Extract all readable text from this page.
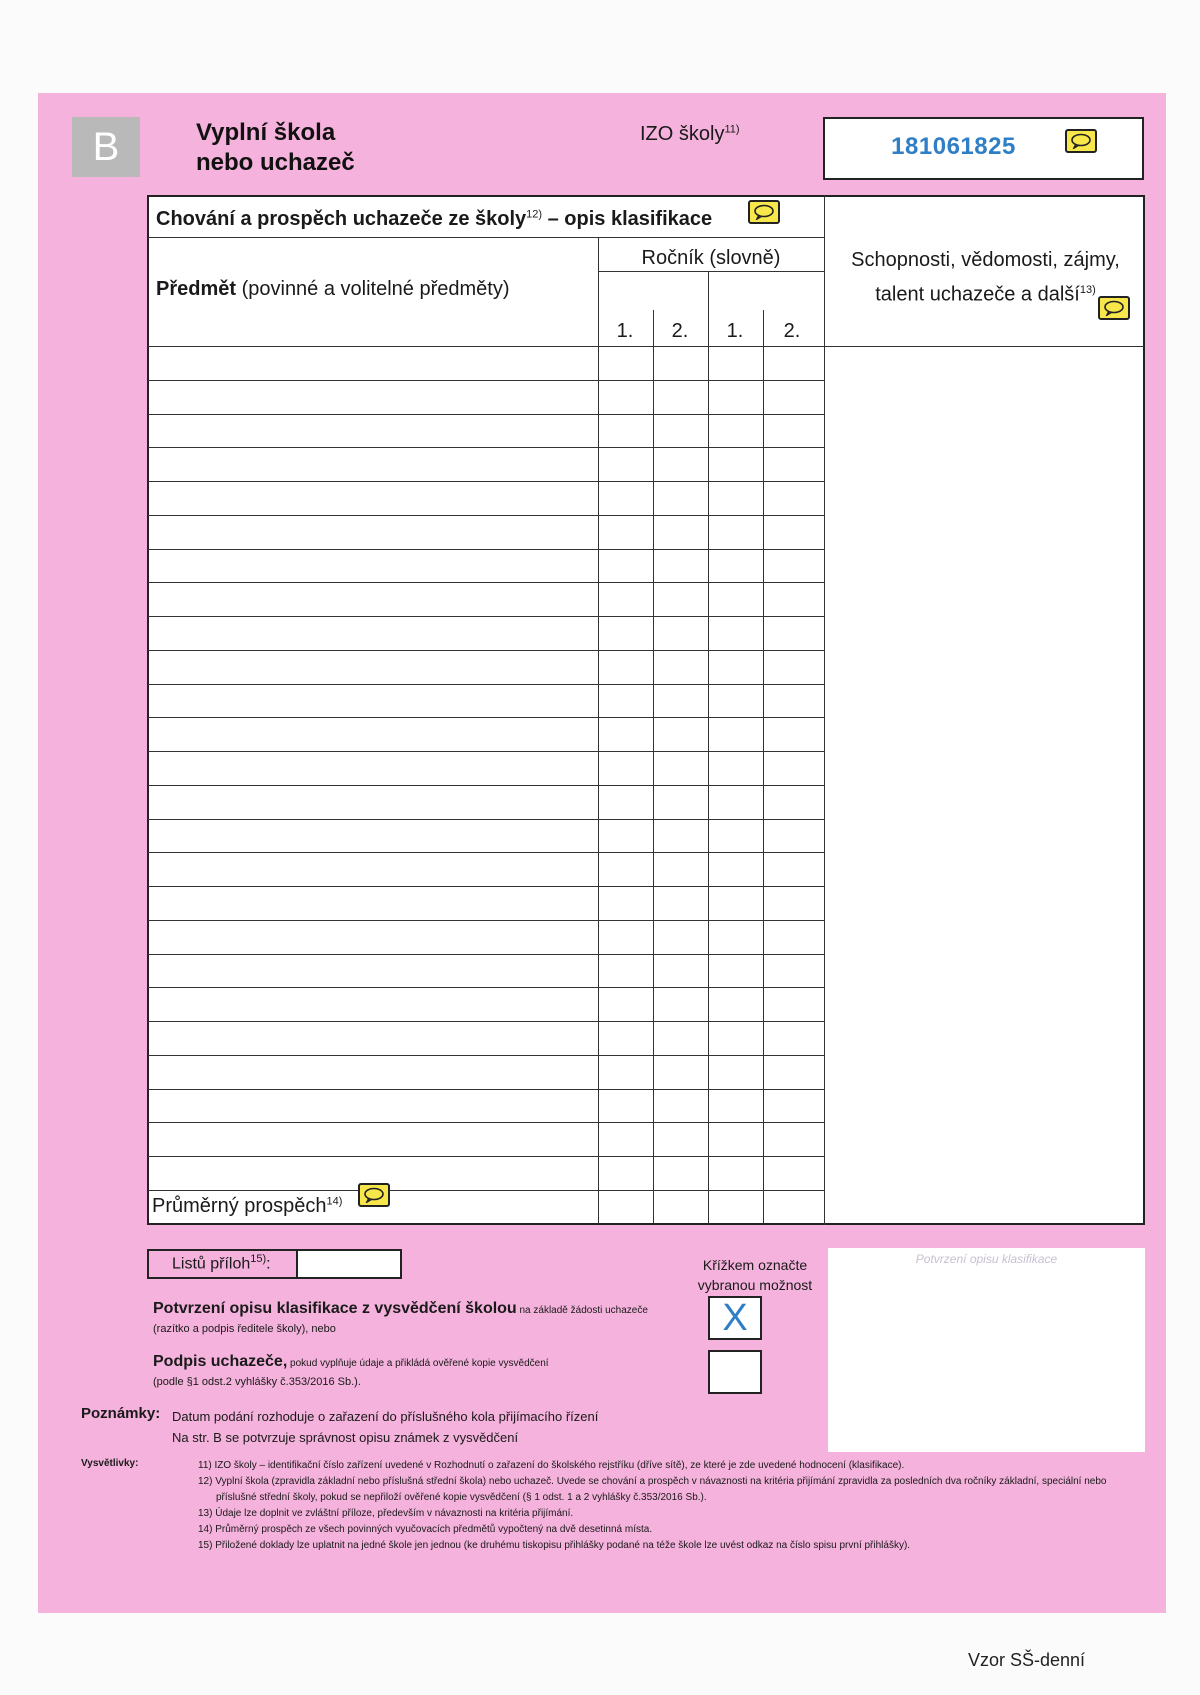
B	Vyplní škola
nebo uchazeč
IZO školy$^{11)}$
181061825
Chování a prospěch uchazeče ze školy$^{12)}$ – opis klasifikace
Předmět (povinné a volitelné předměty)
Ročník (slovně)
1.	2.	1.	2.
Schopnosti, vědomosti, zájmy,
talent uchazeče a další$^{13)}$
Průměrný prospěch$^{14)}$
Listů příloh$^{15)}$:	Křížkem označte
vybranou možnost
Potvrzení opisu klasifikace
Potvrzení opisu klasifikace z vysvědčení školou na základě žádosti uchazeče
(razítko a podpis ředitele školy), nebo	X
Podpis uchazeče, pokud vyplňuje údaje a přikládá ověřené kopie vysvědčení
(podle §1 odst.2 vyhlášky č.353/2016 Sb.).
Poznámky: Datum podání rozhoduje o zařazení do příslušného kola přijímacího řízení
Na str. B se potvrzuje správnost opisu známek z vysvědčení
Vysvětlivky:	11) IZO školy – identifikační číslo zařízení uvedené v Rozhodnutí o zařazení do školského rejstříku (dříve sítě), ze které je zde uvedené hodnocení (klasifikace).
12) Vyplní škola (zpravidla základní nebo příslušná střední škola) nebo uchazeč. Uvede se chování a prospěch v návaznosti na kritéria přijímání zpravidla za posledních dva ročníky základní, speciální nebo příslušné střední školy, pokud se nepřiloží ověřené kopie vysvědčení (§ 1 odst. 1 a 2 vyhlášky č.353/2016 Sb.).
13) Údaje lze doplnit ve zvláštní příloze, především v návaznosti na kritéria přijímání.
14) Průměrný prospěch ze všech povinných vyučovacích předmětů vypočtený na dvě desetinná místa.
15) Přiložené doklady lze uplatnit na jedné škole jen jednou (ke druhému tiskopisu přihlášky podané na téže škole lze uvést odkaz na číslo spisu první přihlášky).
Vzor SŠ-denní
